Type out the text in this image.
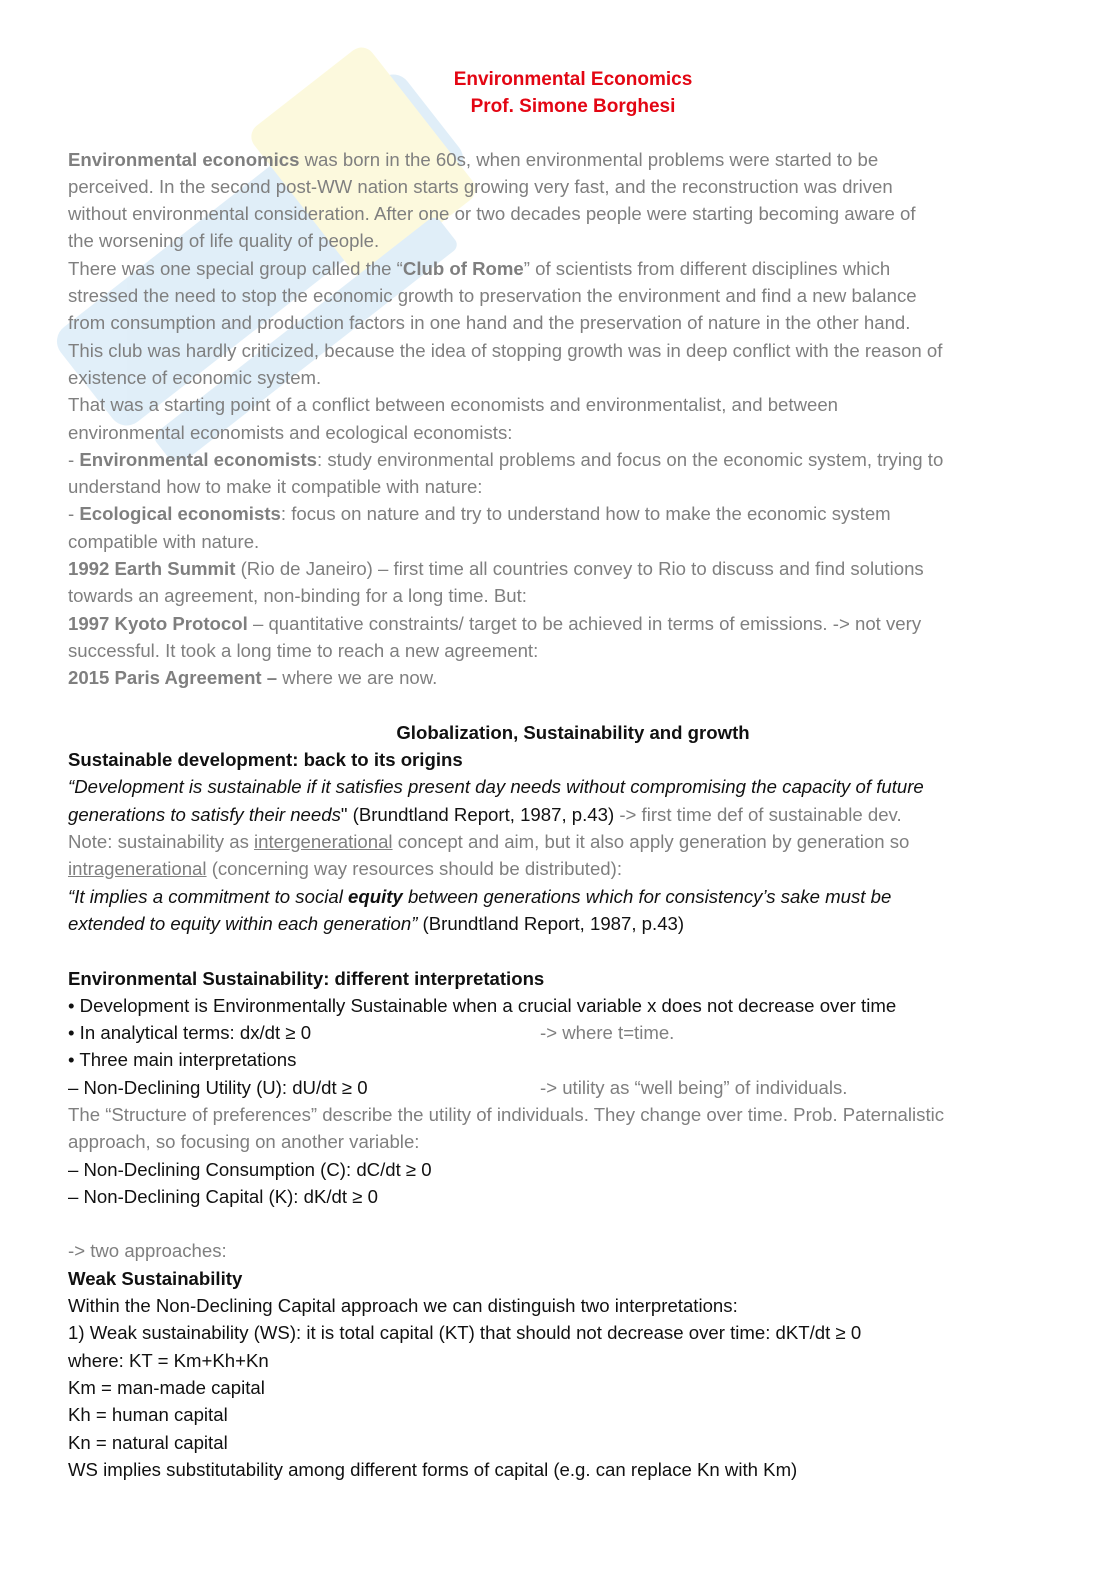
Environmental Economics
Prof. Simone Borghesi

Environmental economics was born in the 60s, when environmental problems were started to be

perceived. In the second post-WW nation starts growing very fast, and the reconstruction was driven

without environmental consideration. After one or two decades people were starting becoming aware of

the worsening of life quality of people.

There was one special group called the “Club of Rome” of scientists from different disciplines which

stressed the need to stop the economic growth to preservation the environment and find a new balance

from consumption and production factors in one hand and the preservation of nature in the other hand.

This club was hardly criticized, because the idea of stopping growth was in deep conflict with the reason of

existence of economic system.

That was a starting point of a conflict between economists and environmentalist, and between

environmental economists and ecological economists:

- Environmental economists: study environmental problems and focus on the economic system, trying to

understand how to make it compatible with nature:

- Ecological economists: focus on nature and try to understand how to make the economic system

compatible with nature.

1992 Earth Summit (Rio de Janeiro) – first time all countries convey to Rio to discuss and find solutions

towards an agreement, non-binding for a long time. But:

1997 Kyoto Protocol – quantitative constraints/ target to be achieved in terms of emissions. -> not very

successful. It took a long time to reach a new agreement:

2015 Paris Agreement – where we are now.

Globalization, Sustainability and growth

Sustainable development: back to its origins

“Development is sustainable if it satisfies present day needs without compromising the capacity of future

generations to satisfy their needs" (Brundtland Report, 1987, p.43) -> first time def of sustainable dev.

Note: sustainability as intergenerational concept and aim, but it also apply generation by generation so

intragenerational (concerning way resources should be distributed):

“It implies a commitment to social equity between generations which for consistency’s sake must be

extended to equity within each generation” (Brundtland Report, 1987, p.43)

Environmental Sustainability: different interpretations

• Development is Environmentally Sustainable when a crucial variable x does not decrease over time

• In analytical terms: dx/dt ≥ 0	-> where t=time.

• Three main interpretations

– Non-Declining Utility (U): dU/dt ≥ 0	-> utility as “well being” of individuals.

The “Structure of preferences” describe the utility of individuals. They change over time. Prob. Paternalistic

approach, so focusing on another variable:

– Non-Declining Consumption (C): dC/dt ≥ 0

– Non-Declining Capital (K): dK/dt ≥ 0

-> two approaches:

Weak Sustainability

Within the Non-Declining Capital approach we can distinguish two interpretations:

1) Weak sustainability (WS): it is total capital (KT) that should not decrease over time: dKT/dt ≥ 0

where: KT = Km+Kh+Kn

Km = man-made capital

Kh = human capital

Kn = natural capital

WS implies substitutability among different forms of capital (e.g. can replace Kn with Km)
